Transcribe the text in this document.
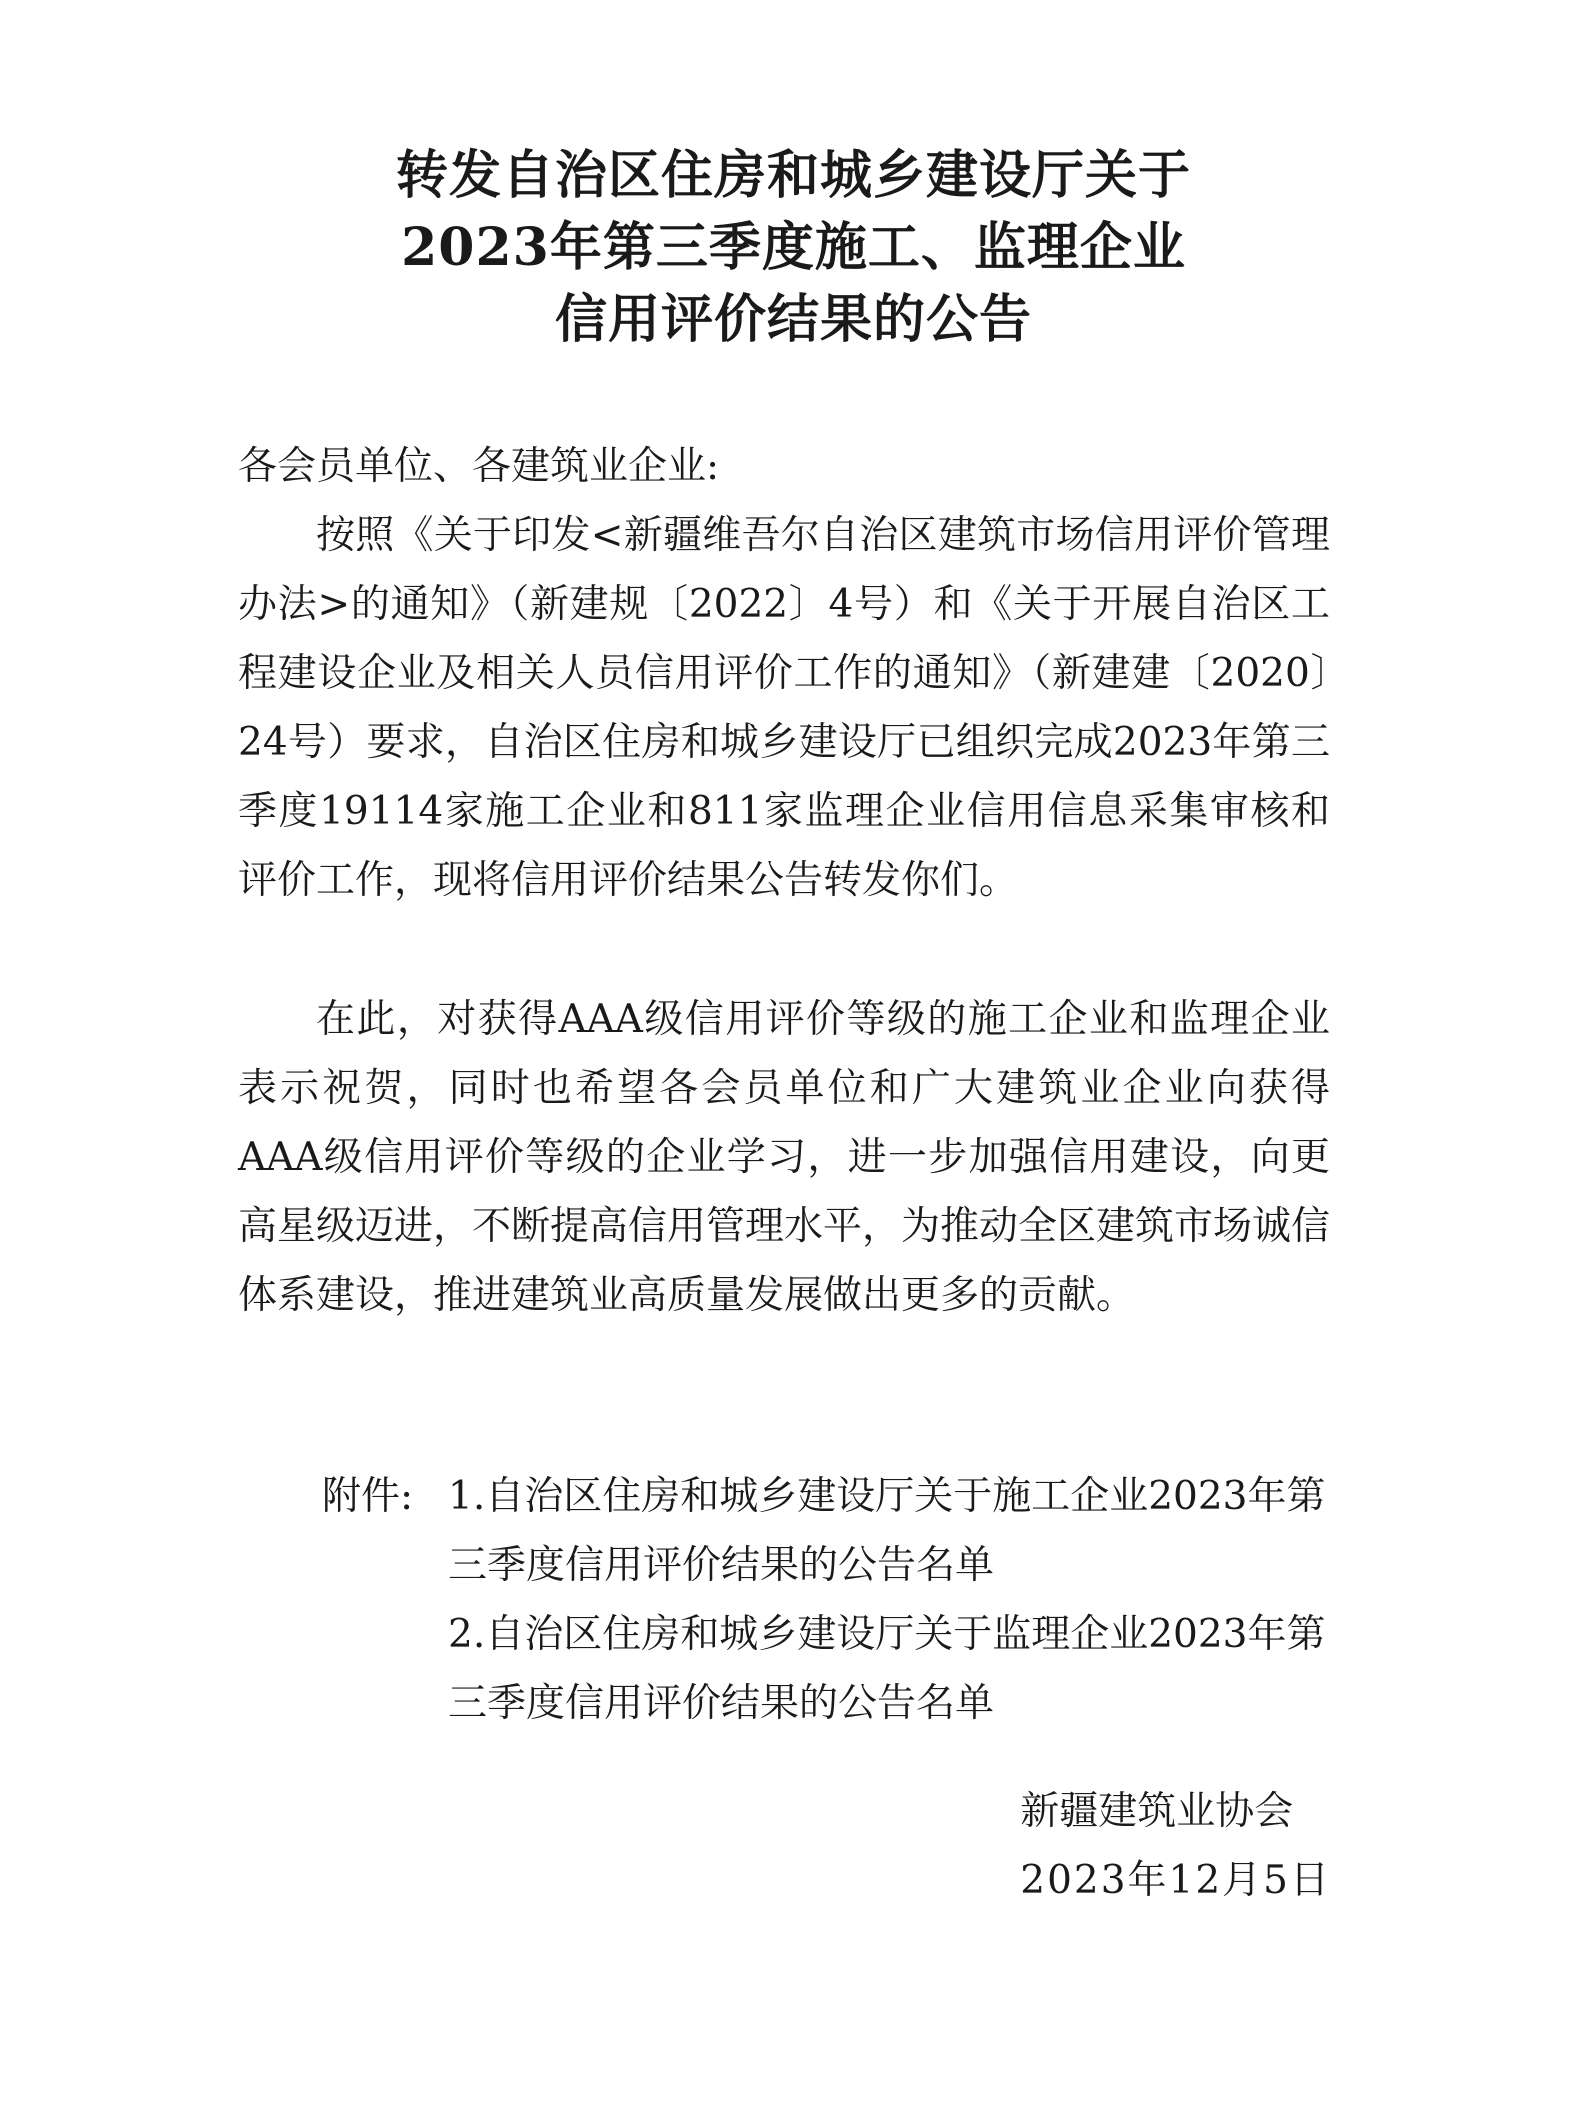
转发自治区住房和城乡建设厅关于
2023年第三季度施工、监理企业
信用评价结果的公告
各会员单位、各建筑业企业:

按照《关于印发<新疆维吾尔自治区建筑市场信用评价管理办法>的通知》（新建规〔2022〕4号）和《关于开展自治区工程建设企业及相关人员信用评价工作的通知》（新建建〔2020〕24号）要求，自治区住房和城乡建设厅已组织完成2023年第三季度19114家施工企业和811家监理企业信用信息采集审核和评价工作，现将信用评价结果公告转发你们。

在此，对获得AAA级信用评价等级的施工企业和监理企业表示祝贺，同时也希望各会员单位和广大建筑业企业向获得AAA级信用评价等级的企业学习，进一步加强信用建设，向更高星级迈进，不断提高信用管理水平，为推动全区建筑市场诚信体系建设，推进建筑业高质量发展做出更多的贡献。

附件: 1.自治区住房和城乡建设厅关于施工企业2023年第三季度信用评价结果的公告名单

2.自治区住房和城乡建设厅关于监理企业2023年第三季度信用评价结果的公告名单

新疆建筑业协会
2023年12月5日
